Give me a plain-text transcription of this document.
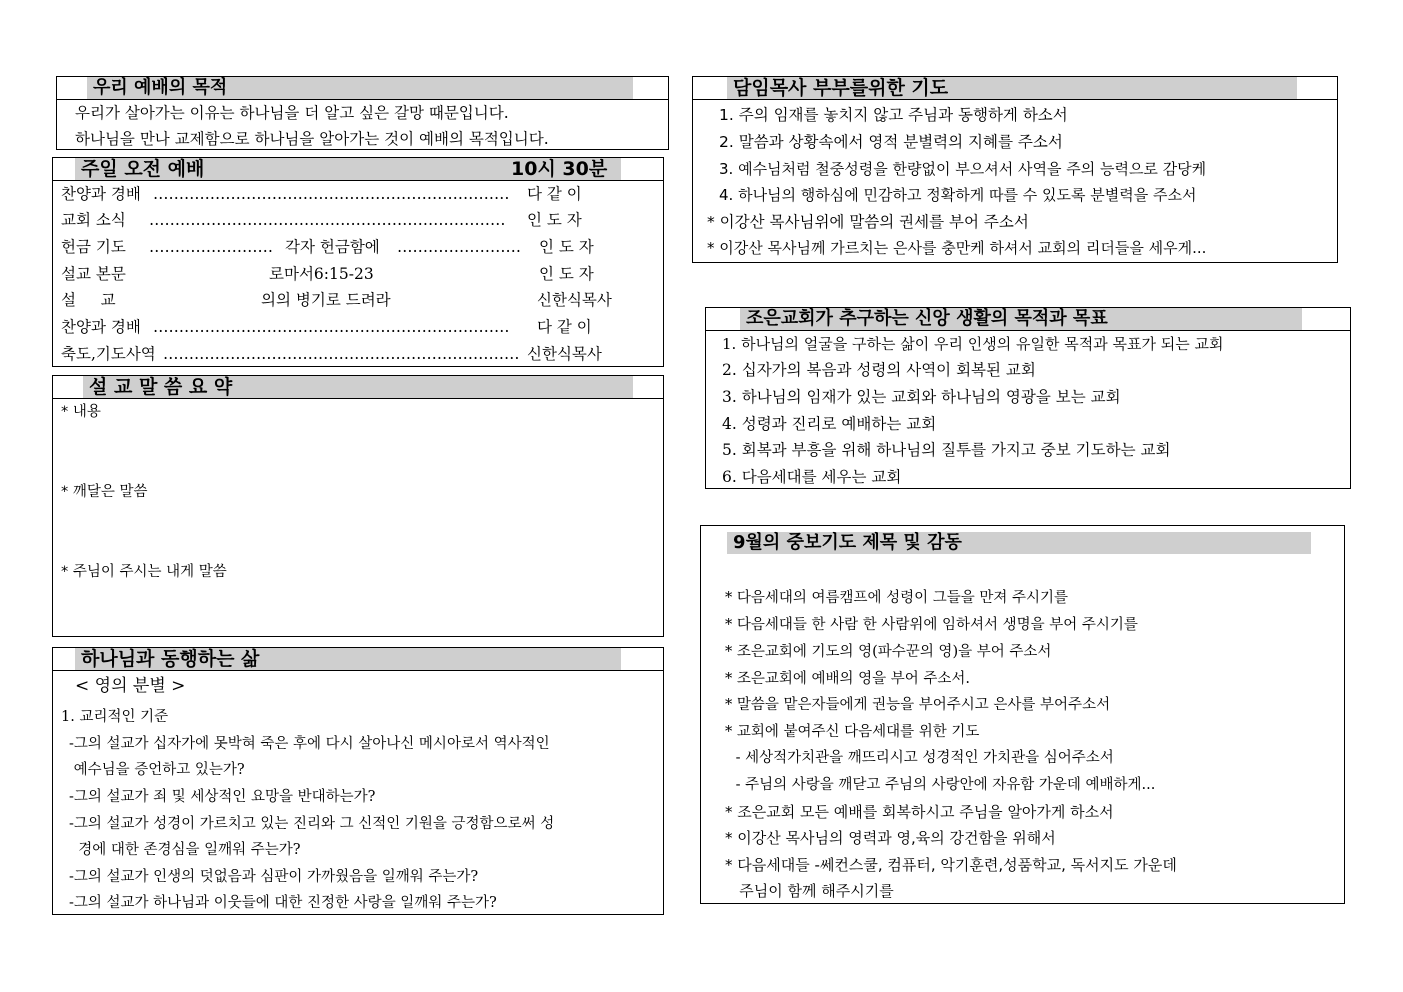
우리 예배의 목적
우리가 살아가는 이유는 하나님을 더 알고 싶은 갈망 때문입니다.
하나님을 만나 교제함으로 하나님을 알아가는 것이 예배의 목적입니다.
주일 오전 예배	10시 30분
찬양과 경배 ……………………………………………………………	다 같 이
교회 소식 ……………………………………………………………	인 도 자
헌금 기도 …………………… 각자 헌금함에 ……………………	인 도 자
설교 본문	로마서6:15-23	인 도 자
설     교	의의 병기로 드려라	신한식목사
찬양과 경배 ……………………………………………………………	다 같 이
축도,기도사역 …………………………………………………………… 신한식목사
설 교 말 씀 요 약
* 내용
* 깨달은 말씀
* 주님이 주시는 내게 말씀
하나님과 동행하는 삶
< 영의 분별 >
1. 교리적인 기준
-그의 설교가 십자가에 못박혀 죽은 후에 다시 살아나신 메시아로서 역사적인
예수님을 증언하고 있는가?
-그의 설교가 죄 및 세상적인 요망을 반대하는가?
-그의 설교가 성경이 가르치고 있는 진리와 그 신적인 기원을 긍정함으로써 성
경에 대한 존경심을 일깨워 주는가?
-그의 설교가 인생의 덧없음과 심판이 가까웠음을 일깨워 주는가?
-그의 설교가 하나님과 이웃들에 대한 진정한 사랑을 일깨워 주는가?
담임목사 부부를위한 기도
1. 주의 임재를 놓치지 않고 주님과 동행하게 하소서
2. 말씀과 상황속에서 영적 분별력의 지혜를 주소서
3. 예수님처럼 철중성령을 한량없이 부으셔서 사역을 주의 능력으로 감당케
4. 하나님의 행하심에 민감하고 정확하게 따를 수 있도록 분별력을 주소서
* 이강산 목사님위에 말씀의 권세를 부어 주소서
* 이강산 목사님께 가르치는 은사를 충만케 하셔서 교회의 리더들을 세우게...
조은교회가 추구하는 신앙 생활의 목적과 목표
1. 하나님의 얼굴을 구하는 삶이 우리 인생의 유일한 목적과 목표가 되는 교회
2. 십자가의 복음과 성령의 사역이 회복된 교회
3. 하나님의 임재가 있는 교회와 하나님의 영광을 보는 교회
4. 성령과 진리로 예배하는 교회
5. 회복과 부흥을 위해 하나님의 질투를 가지고 중보 기도하는 교회
6. 다음세대를 세우는 교회
9월의 중보기도 제목 및 감동
* 다음세대의 여름캠프에 성령이 그들을 만져 주시기를
* 다음세대들 한 사람 한 사람위에 임하셔서 생명을 부어 주시기를
* 조은교회에 기도의 영(파수꾼의 영)을 부어 주소서
* 조은교회에 예배의 영을 부어 주소서.
* 말씀을 맡은자들에게 권능을 부어주시고 은사를 부어주소서
* 교회에 붙여주신 다음세대를 위한 기도
- 세상적가치관을 깨뜨리시고 성경적인 가치관을 심어주소서
- 주님의 사랑을 깨닫고 주님의 사랑안에 자유함 가운데 예배하게...
* 조은교회 모든 예배를 회복하시고 주님을 알아가게 하소서
* 이강산 목사님의 영력과 영,육의 강건함을 위해서
* 다음세대들 -쎄컨스쿨, 컴퓨터, 악기훈련,성품학교, 독서지도 가운데
주님이 함께 해주시기를
